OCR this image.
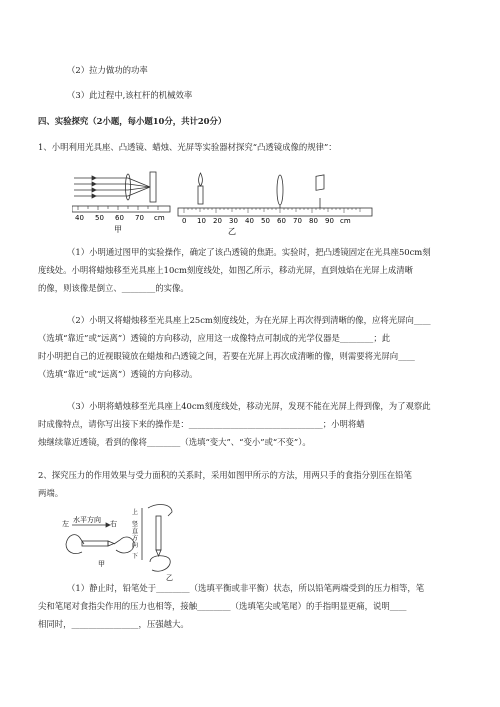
（2）拉力做功的功率
（3）此过程中,该杠杆的机械效率
四、实验探究（2小题，每小题10分，共计20分）
1、小明利用光具座、凸透镜、蜡烛、光屏等实验器材探究“凸透镜成像的规律”：
40 50 60 70 cm
甲
0 10 20 30 40 50 60 70 80 90 cm
乙
（1）小明通过图甲的实验操作，确定了该凸透镜的焦距。实验时，把凸透镜固定在光具座50cm刻
度线处。小明将蜡烛移至光具座上10cm刻度线处，如图乙所示，移动光屏，直到烛焰在光屏上成清晰
的像，则该像是倒立、________的实像。
（2）小明又将蜡烛移至光具座上25cm刻度线处，为在光屏上再次得到清晰的像，应将光屏向____
（选填“靠近”或“远离”）透镜的方向移动，应用这一成像特点可制成的光学仪器是________；此
时小明把自己的近视眼镜放在蜡烛和凸透镜之间，若要在光屏上再次成清晰的像，则需要将光屏向____
（选填“靠近”或“远离”）透镜的方向移动。
（3）小明将蜡烛移至光具座上40cm刻度线处，移动光屏，发现不能在光屏上得到像，为了观察此
时成像特点，请你写出接下来的操作是：________________________________；小明将蜡
烛继续靠近透镜，看到的像将________（选填“变大”、“变小”或“不变”）。
2、探究压力的作用效果与受力面积的关系时，采用如图甲所示的方法，用两只手的食指分别压在铅笔
两端。
左 水平方向 右
甲
上
竖直方向
下
乙
（1）静止时，铅笔处于________（选填平衡或非平衡）状态，所以铅笔两端受到的压力相等，笔
尖和笔尾对食指尖作用的压力也相等，接触________（选填笔尖或笔尾）的手指明显更痛，说明____
相同时，________________，压强越大。
